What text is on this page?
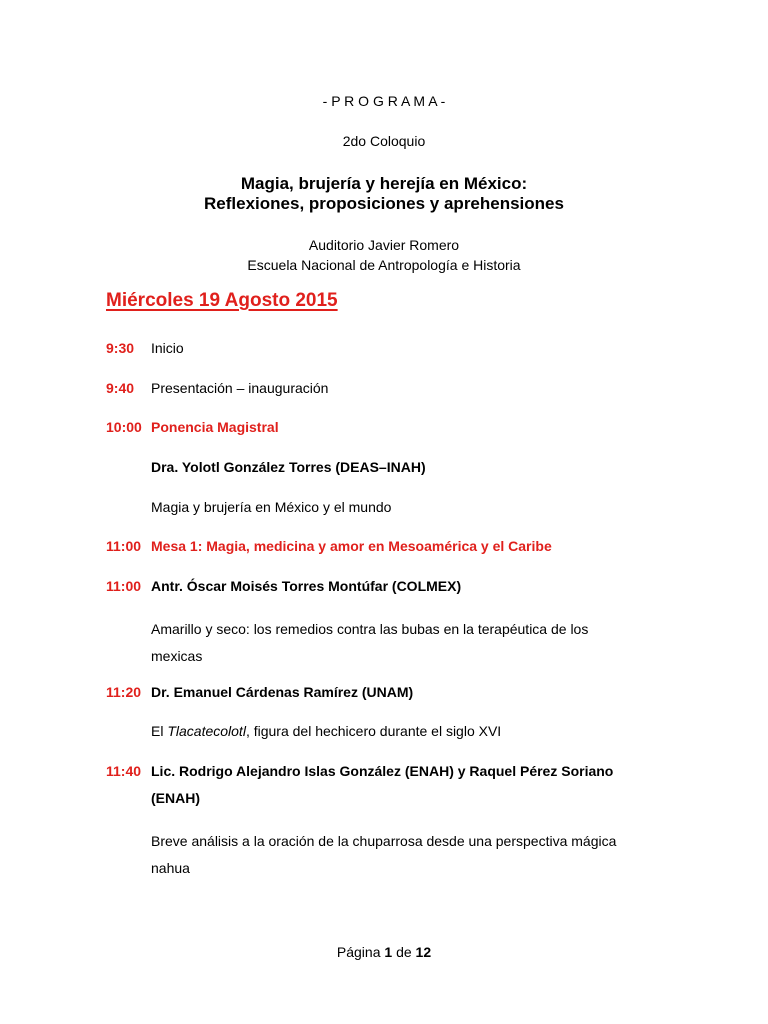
- P R O G R A M A -
2do Coloquio
Magia, brujería y herejía en México:
Reflexiones, proposiciones y aprehensiones
Auditorio Javier Romero
Escuela Nacional de Antropología e Historia
Miércoles 19 Agosto 2015
9:30 Inicio
9:40 Presentación – inauguración
10:00 Ponencia Magistral
Dra. Yolotl González Torres (DEAS–INAH)
Magia y brujería en México y el mundo
11:00 Mesa 1: Magia, medicina y amor en Mesoamérica y el Caribe
11:00 Antr. Óscar Moisés Torres Montúfar (COLMEX)
Amarillo y seco: los remedios contra las bubas en la terapéutica de los mexicas
11:20 Dr. Emanuel Cárdenas Ramírez (UNAM)
El Tlacatecolotl, figura del hechicero durante el siglo XVI
11:40 Lic. Rodrigo Alejandro Islas González (ENAH) y Raquel Pérez Soriano
(ENAH)
Breve análisis a la oración de la chuparrosa desde una perspectiva mágica nahua
Página 1 de 12
